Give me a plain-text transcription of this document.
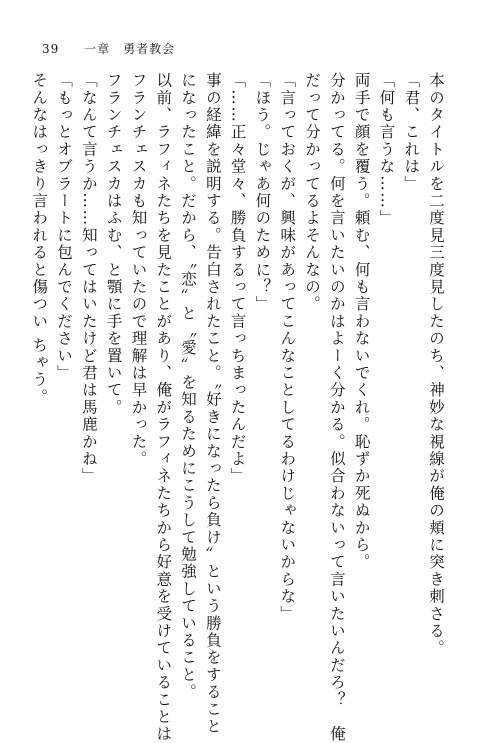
39 一章　勇者教会
本のタイトルを二度見三度見したのち、神妙な視線が俺の頬に突き刺さる。
「君、これは」
「何も言うな……」
両手で顔を覆う。頼む、何も言わないでくれ。恥ずか死ぬから。
分かってる。何を言いたいのかはよーく分かる。似合わないって言いたいんだろ？　俺
だって分かってるよそんなの。
「言っておくが、興味があってこんなことしてるわけじゃないからな」
「ほう。じゃあ何のために？」
「……正々堂々、勝負するって言っちまったんだよ」
事の経緯を説明する。告白されたこと。〝好きになったら負け〟という勝負をすること
になったこと。だから、〝恋〟と〝愛〟を知るためにこうして勉強していること。
以前、ラフィネたちを見たことがあり、俺がラフィネたちから好意を受けていることは
フランチェスカも知っていたので理解は早かった。
フランチェスカはふむ、と顎に手を置いて。
「なんて言うか……知ってはいたけど君は馬鹿かね」
「もっとオブラートに包んでください」
そんなはっきり言われると傷つい ちゃう。
